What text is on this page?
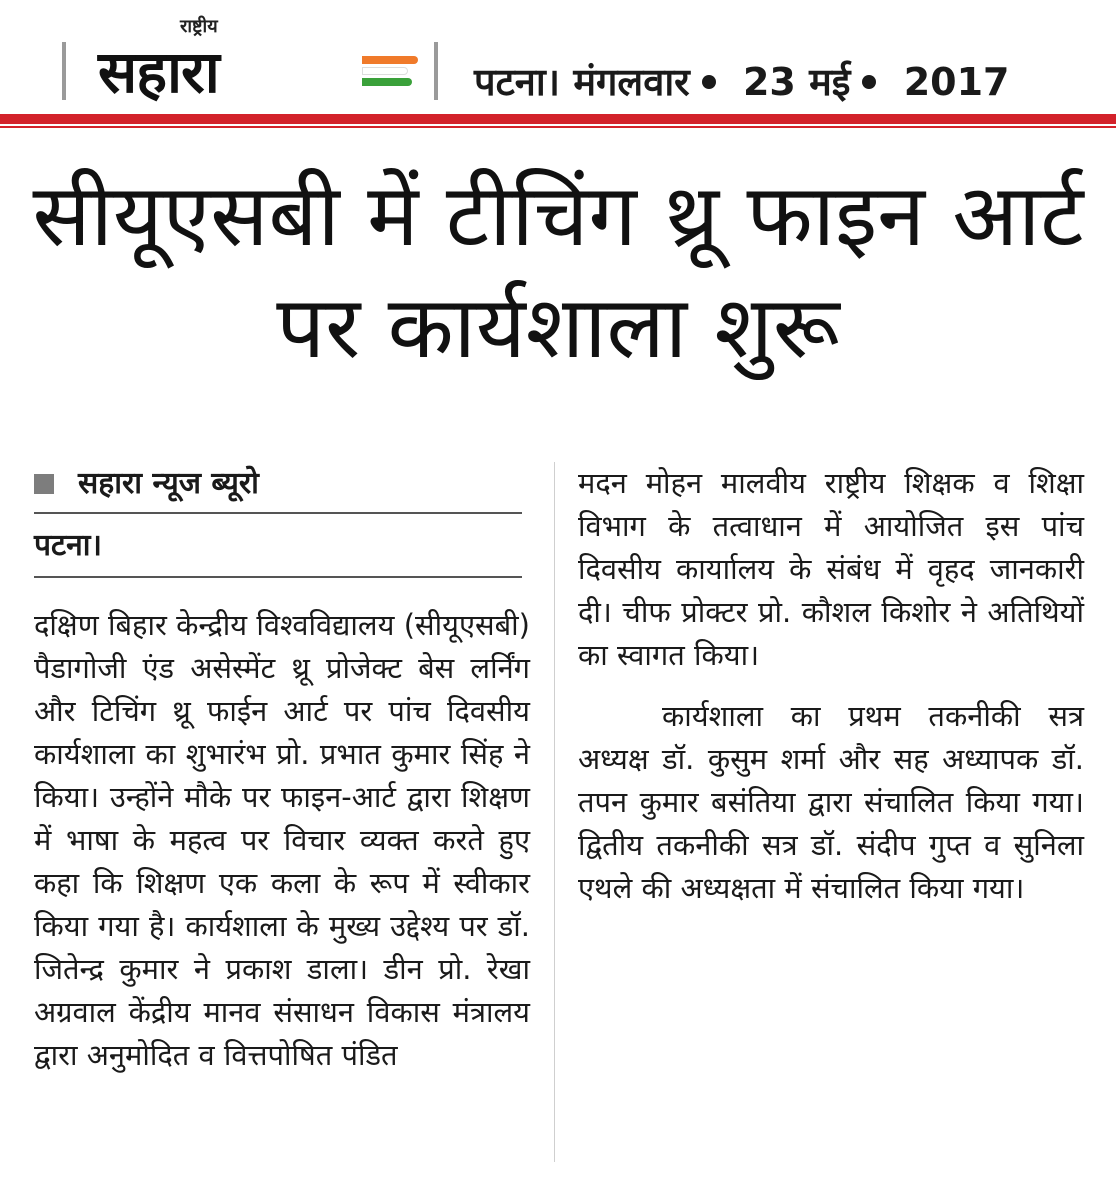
राष्ट्रीय
सहारा	पटना। मंगलवार 23 मई 2017
सीयूएसबी में टीचिंग थ्रू फाइन आर्ट पर कार्यशाला शुरू
सहारा न्यूज ब्यूरो
पटना।

दक्षिण बिहार केन्द्रीय विश्वविद्यालय (सीयूएसबी) पैडागोजी एंड असेस्मेंट थ्रू प्रोजेक्ट बेस लर्निंग और टिचिंग थ्रू फाईन आर्ट पर पांच दिवसीय कार्यशाला का शुभारंभ प्रो. प्रभात कुमार सिंह ने किया। उन्होंने मौके पर फाइन-आर्ट द्वारा शिक्षण में भाषा के महत्व पर विचार व्यक्त करते हुए कहा कि शिक्षण एक कला के रूप में स्वीकार किया गया है। कार्यशाला के मुख्य उद्देश्य पर डॉ. जितेन्द्र कुमार ने प्रकाश डाला। डीन प्रो. रेखा अग्रवाल केंद्रीय मानव संसाधन विकास मंत्रालय द्वारा अनुमोदित व वित्तपोषित पंडित

मदन मोहन मालवीय राष्ट्रीय शिक्षक व शिक्षा विभाग के तत्वाधान में आयोजित इस पांच दिवसीय कार्याालय के संबंध में वृहद जानकारी दी। चीफ प्रोक्टर प्रो. कौशल किशोर ने अतिथियों का स्वागत किया।

कार्यशाला का प्रथम तकनीकी सत्र अध्यक्ष डॉ. कुसुम शर्मा और सह अध्यापक डॉ. तपन कुमार बसंतिया द्वारा संचालित किया गया। द्वितीय तकनीकी सत्र डॉ. संदीप गुप्त व सुनिला एथले की अध्यक्षता में संचालित किया गया।
